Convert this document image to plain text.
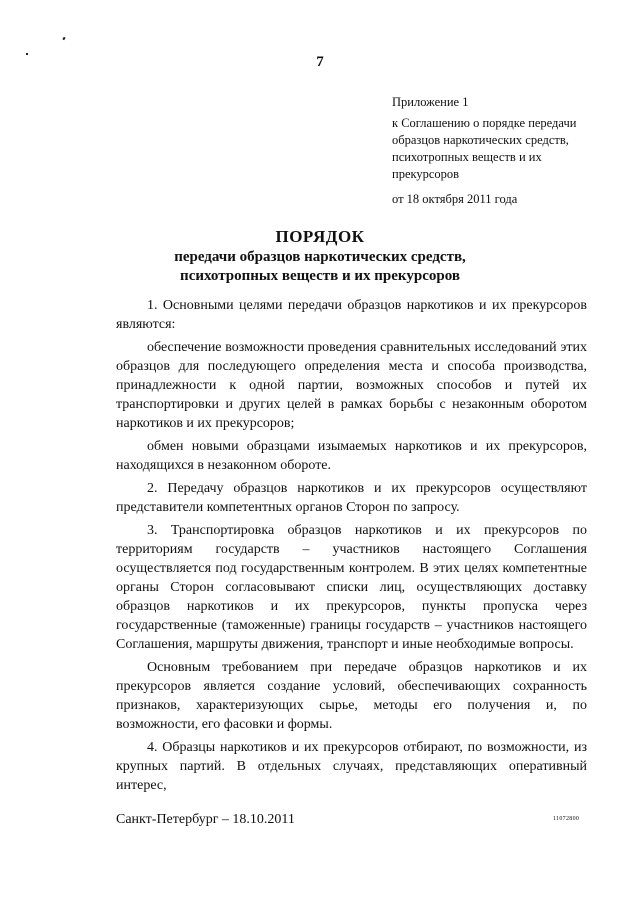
7
Приложение 1
к Соглашению о порядке передачи
образцов наркотических средств,
психотропных веществ и их
прекурсоров
от 18 октября 2011 года
ПОРЯДОК
передачи образцов наркотических средств,
психотропных веществ и их прекурсоров

1. Основными целями передачи образцов наркотиков и их прекурсоров являются:

обеспечение возможности проведения сравнительных исследований этих образцов для последующего определения места и способа производства, принадлежности к одной партии, возможных способов и путей их транспортировки и других целей в рамках борьбы с незаконным оборотом наркотиков и их прекурсоров;

обмен новыми образцами изымаемых наркотиков и их прекурсоров, находящихся в незаконном обороте.

2. Передачу образцов наркотиков и их прекурсоров осуществляют представители компетентных органов Сторон по запросу.

3. Транспортировка образцов наркотиков и их прекурсоров по территориям государств – участников настоящего Соглашения осуществляется под государственным контролем. В этих целях компетентные органы Сторон согласовывают списки лиц, осуществляющих доставку образцов наркотиков и их прекурсоров, пункты пропуска через государственные (таможенные) границы государств – участников настоящего Соглашения, маршруты движения, транспорт и иные необходимые вопросы.

Основным требованием при передаче образцов наркотиков и их прекурсоров является создание условий, обеспечивающих сохранность признаков, характеризующих сырье, методы его получения и, по возможности, его фасовки и формы.

4. Образцы наркотиков и их прекурсоров отбирают, по возможности, из крупных партий. В отдельных случаях, представляющих оперативный интерес,

Санкт-Петербург – 18.10.2011	11072800
